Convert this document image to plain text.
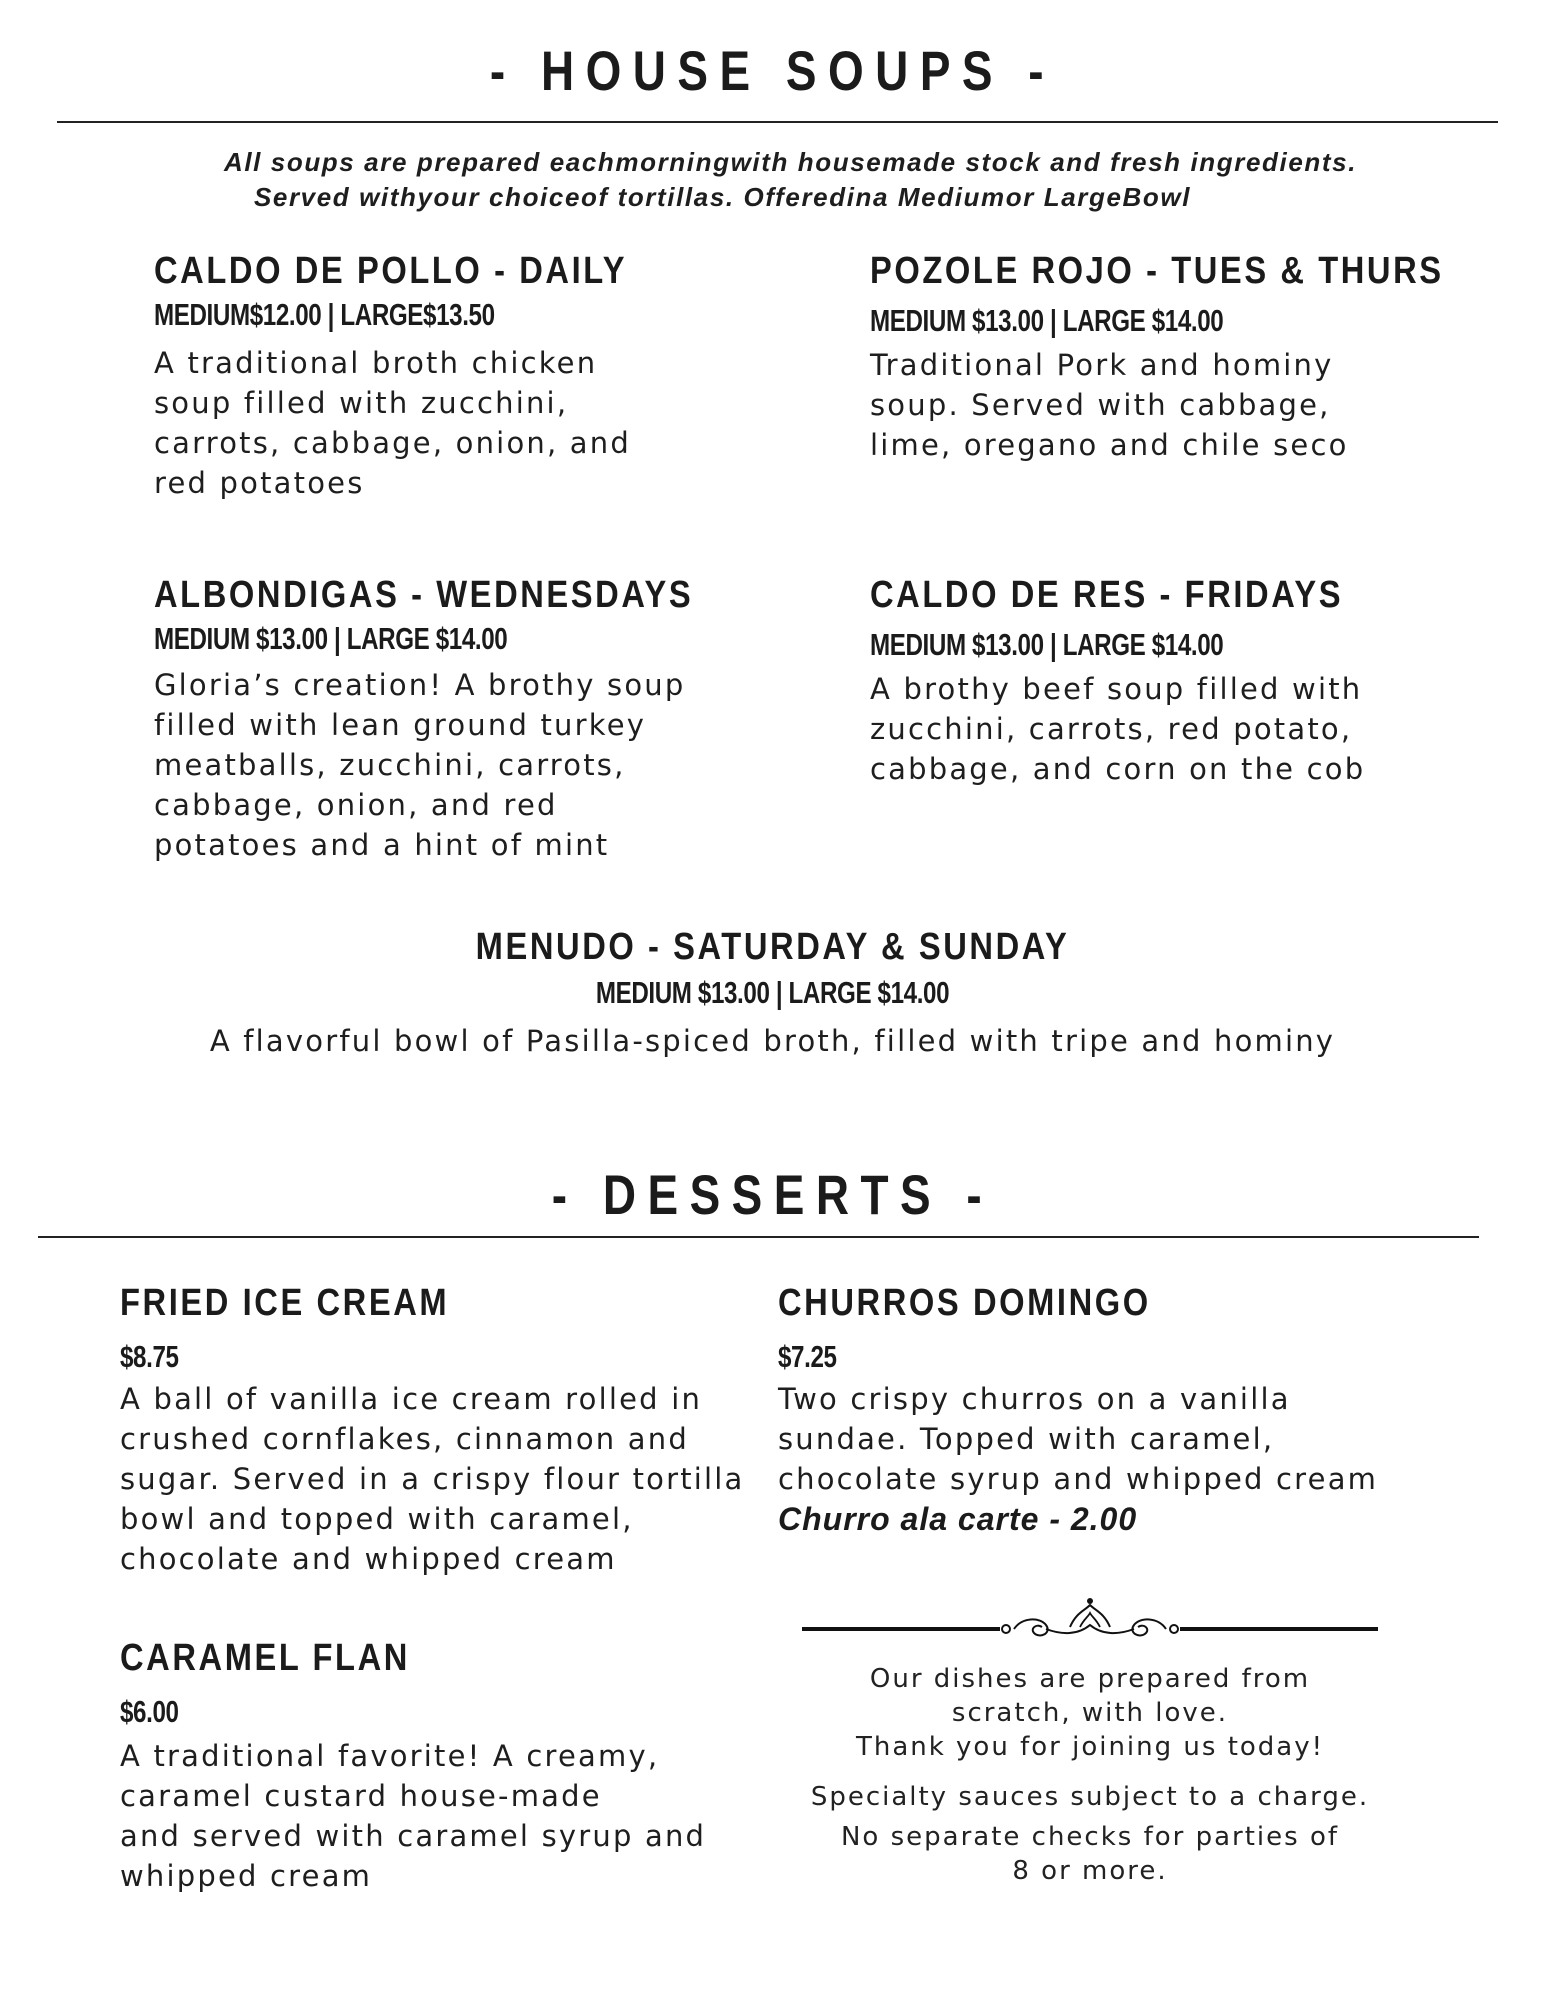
- HOUSE SOUPS -
All soups are prepared eachmorningwith housemade stock and fresh ingredients.
Served withyour choiceof tortillas. Offeredina Mediumor LargeBowl
CALDO DE POLLO - DAILY
MEDIUM$12.00 | LARGE$13.50
A traditional broth chicken
soup filled with zucchini,
carrots, cabbage, onion, and
red potatoes
POZOLE ROJO - TUES & THURS
MEDIUM $13.00 | LARGE $14.00
Traditional Pork and hominy
soup. Served with cabbage,
lime, oregano and chile seco
ALBONDIGAS - WEDNESDAYS
MEDIUM $13.00 | LARGE $14.00
Gloria’s creation! A brothy soup
filled with lean ground turkey
meatballs, zucchini, carrots,
cabbage, onion, and red
potatoes and a hint of mint
CALDO DE RES - FRIDAYS
MEDIUM $13.00 | LARGE $14.00
A brothy beef soup filled with
zucchini, carrots, red potato,
cabbage, and corn on the cob
MENUDO - SATURDAY & SUNDAY
MEDIUM $13.00 | LARGE $14.00
A flavorful bowl of Pasilla-spiced broth, filled with tripe and hominy
- DESSERTS -
FRIED ICE CREAM
$8.75
A ball of vanilla ice cream rolled in
crushed cornflakes, cinnamon and
sugar. Served in a crispy flour tortilla
bowl and topped with caramel,
chocolate and whipped cream
CHURROS DOMINGO
$7.25
Two crispy churros on a vanilla
sundae. Topped with caramel,
chocolate syrup and whipped cream
Churro ala carte - 2.00
CARAMEL FLAN
$6.00
A traditional favorite! A creamy,
caramel custard house-made
and served with caramel syrup and
whipped cream
Our dishes are prepared from
scratch, with love.
Thank you for joining us today!
Specialty sauces subject to a charge.
No separate checks for parties of
8 or more.
